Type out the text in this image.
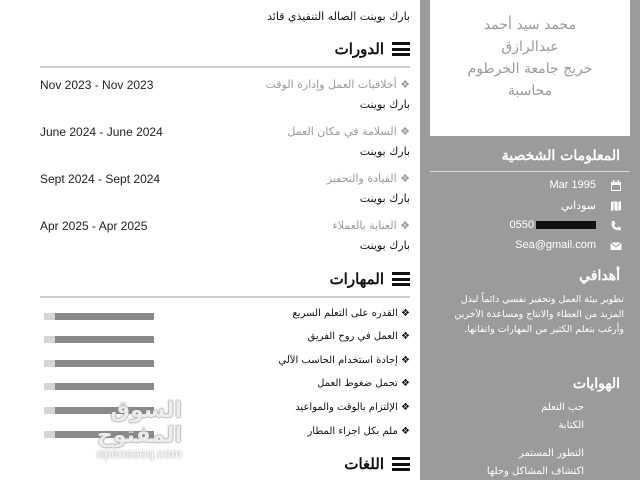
بارك بوينت الصاله التنفيذي قائد
الدورات
Nov 2023 - Nov 2023	❖ أخلاقيات العمل وإدارة الوقت
بارك بوينت
June 2024 - June 2024	❖ السلامة في مكان العمل
بارك بوينت
Sept 2024 - Sept 2024	❖ القيادة والتحفيز
بارك بوينت
Apr 2025 - Apr 2025	❖ العناية بالعملاء
بارك بوينت
المهارات
❖ القدره على التعلم السريع
❖ العمل في روح الفريق
❖ إجادة استخدام الحاسب الآلي
❖ تحمل ضغوط العمل
❖ الإلتزام بالوقت والمواعيد
❖ ملم بكل اجزاء المطار
اللغات
السوق المفتوح
opensooq.com
محمد سيد أحمد
عبدالرازق
خريج جامعة الخرطوم
محاسبة
المعلومات الشخصية
Mar 1995
سوداني
0550
Sea@gmail.com
أهدافي
تطوير بيئة العمل وتحفيز نفسي دائماً لبذل المزيد من العطاء والانتاج ومساعدة الآخرين وأرغب بتعلم الكثير من المهارات واتقانها.
الهوايات
حب التعلم
الكتابة
التطور المستمر
اكتشاف المشاكل وحلها
